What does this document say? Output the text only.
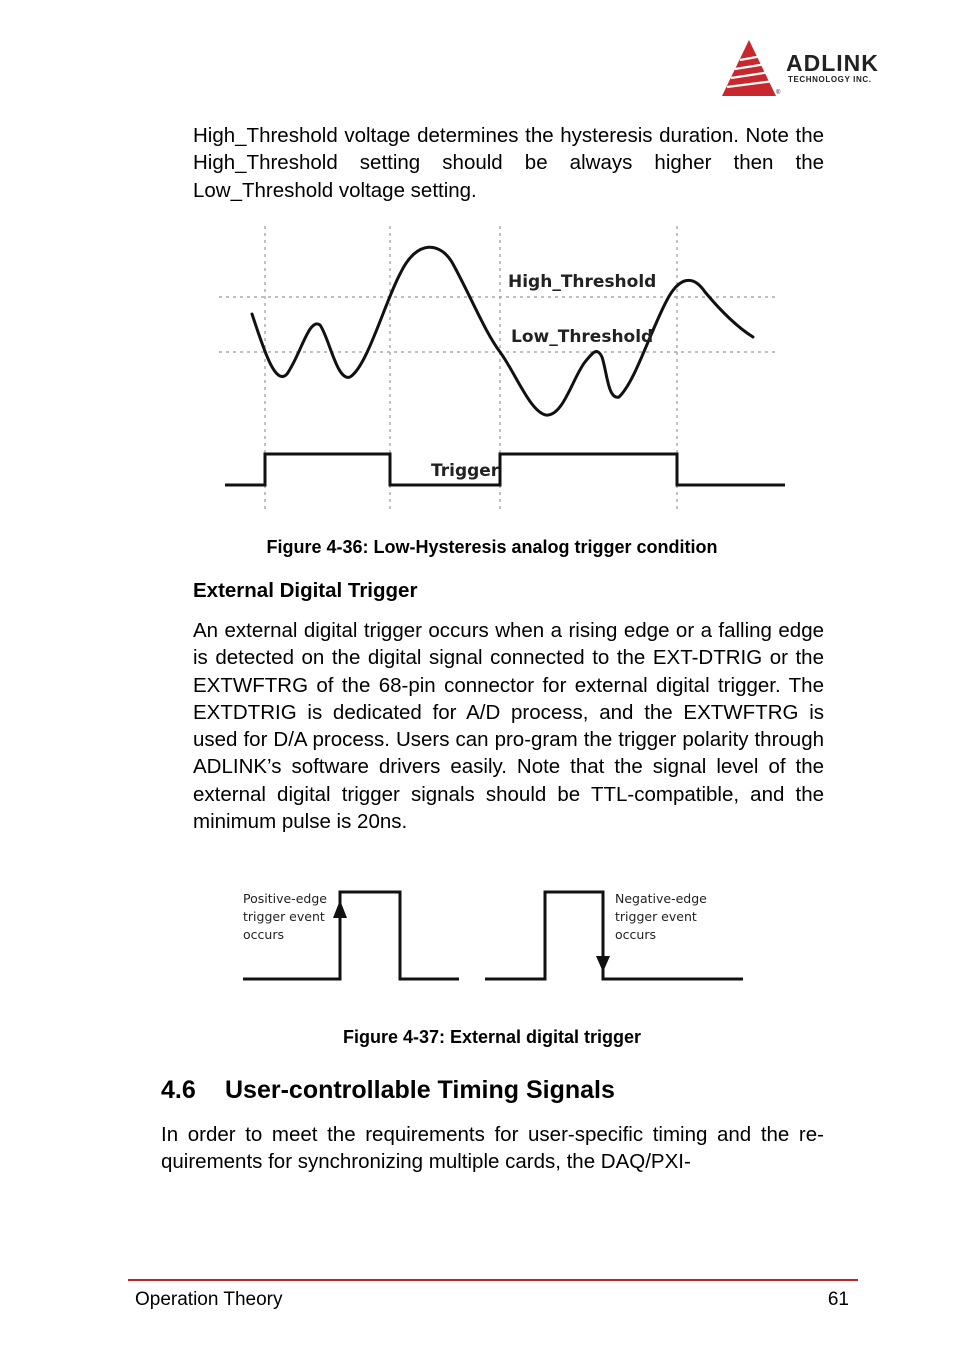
ADLINK
TECHNOLOGY INC.
®

High_Threshold voltage determines the hysteresis duration. Note the High_Threshold setting should be always higher then the Low_Threshold voltage setting.

High_Threshold
Low_Threshold
Trigger
Figure 4-36: Low-Hysteresis analog trigger condition
External Digital Trigger

An external digital trigger occurs when a rising edge or a falling edge is detected on the digital signal connected to the EXT-DTRIG or the EXTWFTRG of the 68-pin connector for external digital trigger. The EXTDTRIG is dedicated for A/D process, and the EXTWFTRG is used for D/A process. Users can pro-gram the trigger polarity through ADLINK’s software drivers easily. Note that the signal level of the external digital trigger signals should be TTL-compatible, and the minimum pulse is 20ns.

Positive-edge
trigger event
occurs
Negative-edge
trigger event
occurs
Figure 4-37: External digital trigger
4.6 User-controllable Timing Signals

In order to meet the requirements for user-specific timing and the re-quirements for synchronizing multiple cards, the DAQ/PXI-

Operation Theory	61
